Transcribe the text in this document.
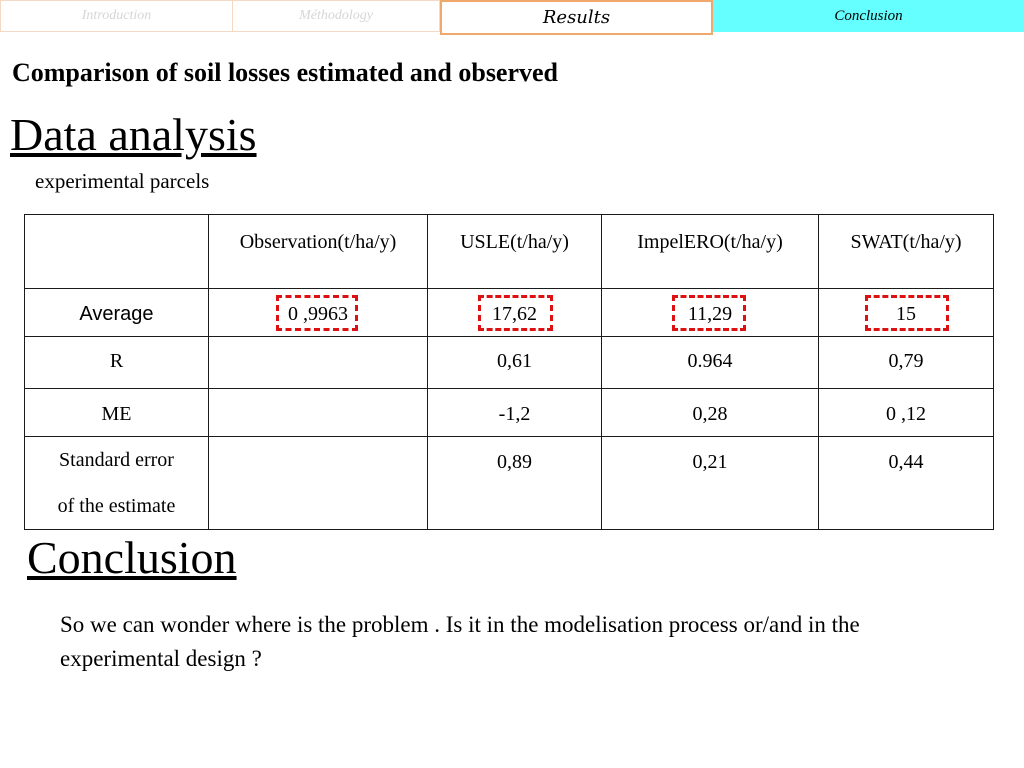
Introduction	Méthodology	Results	Conclusion
Comparison of soil losses estimated and observed
Data analysis
experimental parcels
	Observation(t/ha/y)	USLE(t/ha/y)	ImpelERO(t/ha/y)	SWAT(t/ha/y)
Average	0 ,9963	17,62	11,29	15

R		0,61	0.964	0,79
ME		-1,2	0,28	0 ,12

Standard error
of the estimate		0,89	0,21	0,44
Conclusion
So we can wonder where is the problem . Is it in the modelisation process or/and in the experimental design ?
